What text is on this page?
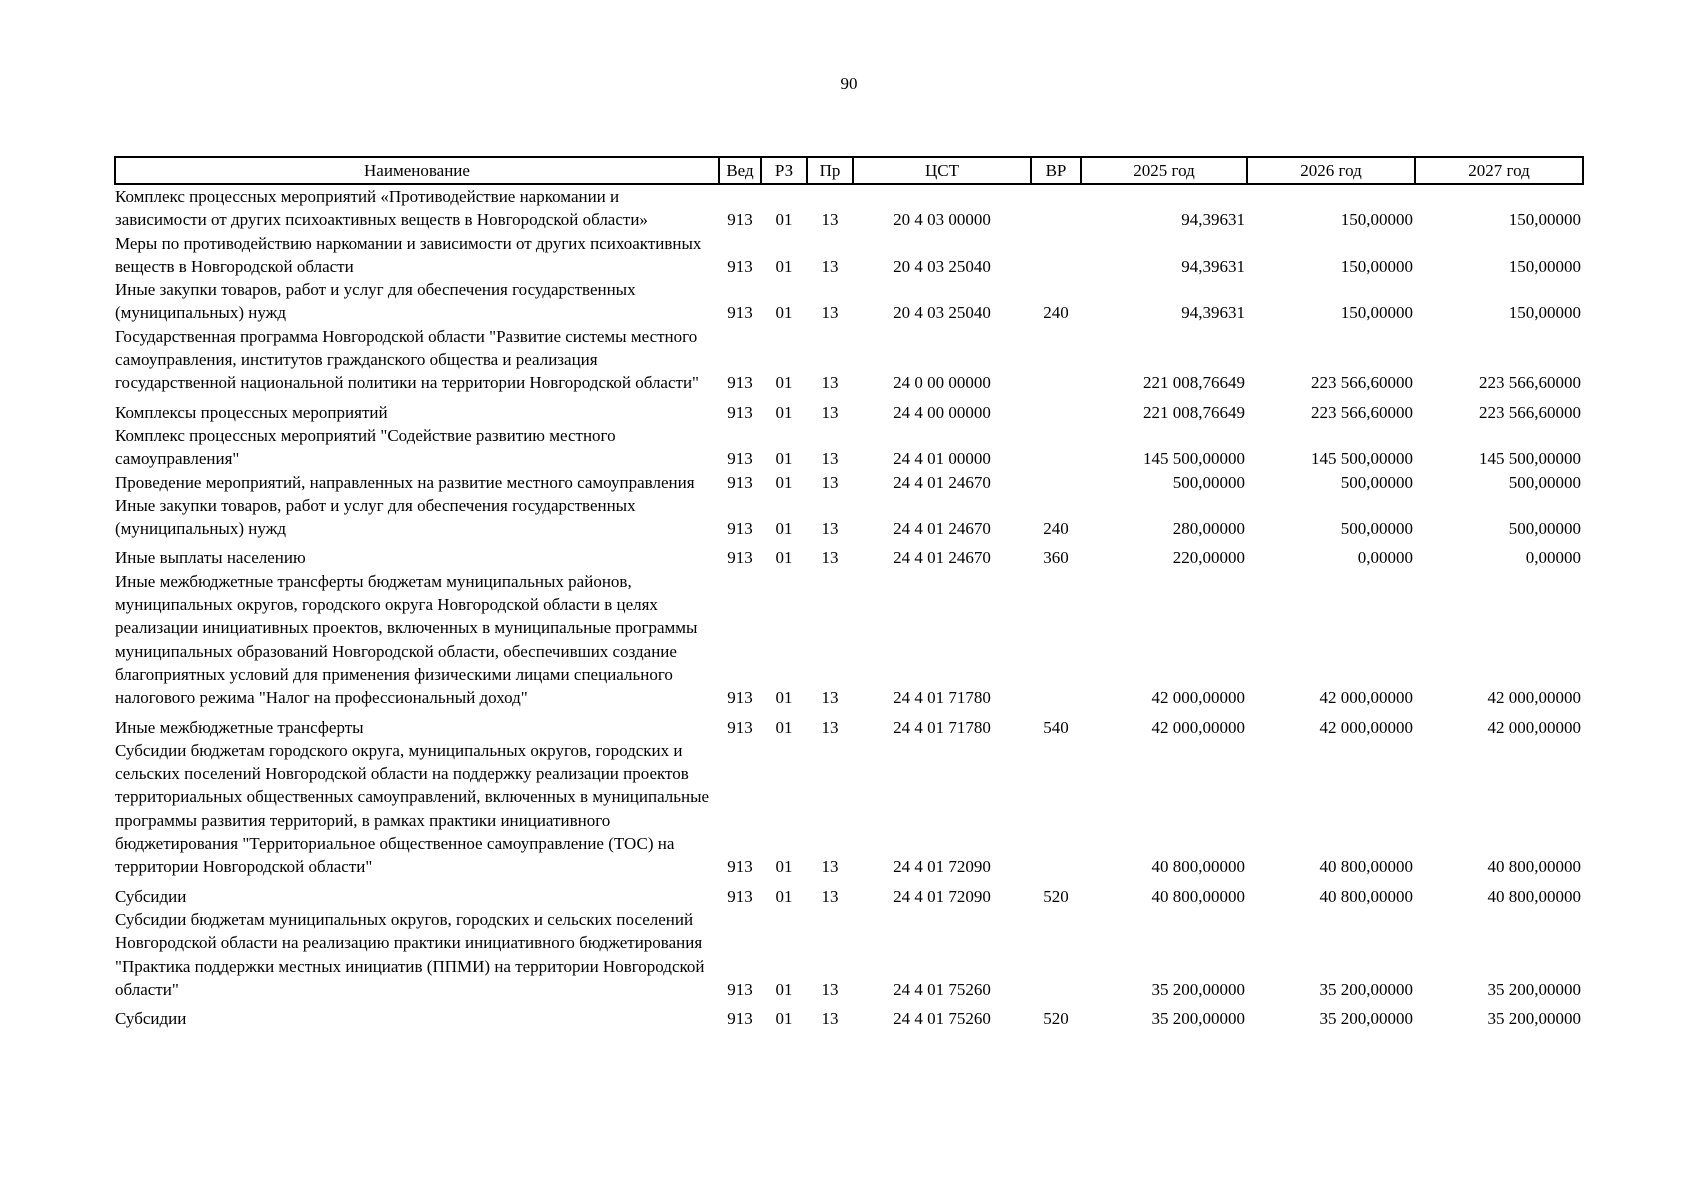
90
Наименование	Вед	РЗ	Пр	ЦСТ	ВР	2025 год	2026 год	2027 год
Комплекс процессных мероприятий «Противодействие наркомании и зависимости от других психоактивных веществ в Новгородской области»	913	01	13	20 4 03 00000		94,39631	150,00000	150,00000
Меры по противодействию наркомании и зависимости от других психоактивных веществ в Новгородской области	913	01	13	20 4 03 25040		94,39631	150,00000	150,00000
Иные закупки товаров, работ и услуг для обеспечения государственных (муниципальных) нужд	913	01	13	20 4 03 25040	240	94,39631	150,00000	150,00000
Государственная программа Новгородской области "Развитие системы местного самоуправления, институтов гражданского общества и реализация государственной национальной политики на территории Новгородской области"	913	01	13	24 0 00 00000		221 008,76649	223 566,60000	223 566,60000
Комплексы процессных мероприятий	913	01	13	24 4 00 00000		221 008,76649	223 566,60000	223 566,60000
Комплекс процессных мероприятий "Содействие развитию местного самоуправления"	913	01	13	24 4 01 00000		145 500,00000	145 500,00000	145 500,00000
Проведение мероприятий, направленных на развитие местного самоуправления	913	01	13	24 4 01 24670		500,00000	500,00000	500,00000
Иные закупки товаров, работ и услуг для обеспечения государственных (муниципальных) нужд	913	01	13	24 4 01 24670	240	280,00000	500,00000	500,00000
Иные выплаты населению	913	01	13	24 4 01 24670	360	220,00000	0,00000	0,00000
Иные межбюджетные трансферты бюджетам муниципальных районов, муниципальных округов, городского округа Новгородской области в целях реализации инициативных проектов, включенных в муниципальные программы муниципальных образований Новгородской области, обеспечивших создание благоприятных условий для применения физическими лицами специального налогового режима "Налог на профессиональный доход"	913	01	13	24 4 01 71780		42 000,00000	42 000,00000	42 000,00000
Иные межбюджетные трансферты	913	01	13	24 4 01 71780	540	42 000,00000	42 000,00000	42 000,00000
Субсидии бюджетам городского округа, муниципальных округов, городских и сельских поселений Новгородской области на поддержку реализации проектов территориальных общественных самоуправлений, включенных в муниципальные программы развития территорий, в рамках практики инициативного бюджетирования "Территориальное общественное самоуправление (ТОС) на территории Новгородской области"	913	01	13	24 4 01 72090		40 800,00000	40 800,00000	40 800,00000
Субсидии	913	01	13	24 4 01 72090	520	40 800,00000	40 800,00000	40 800,00000
Субсидии бюджетам муниципальных округов, городских и сельских поселений Новгородской области на реализацию практики инициативного бюджетирования "Практика поддержки местных инициатив (ППМИ) на территории Новгородской области"	913	01	13	24 4 01 75260		35 200,00000	35 200,00000	35 200,00000
Субсидии	913	01	13	24 4 01 75260	520	35 200,00000	35 200,00000	35 200,00000
